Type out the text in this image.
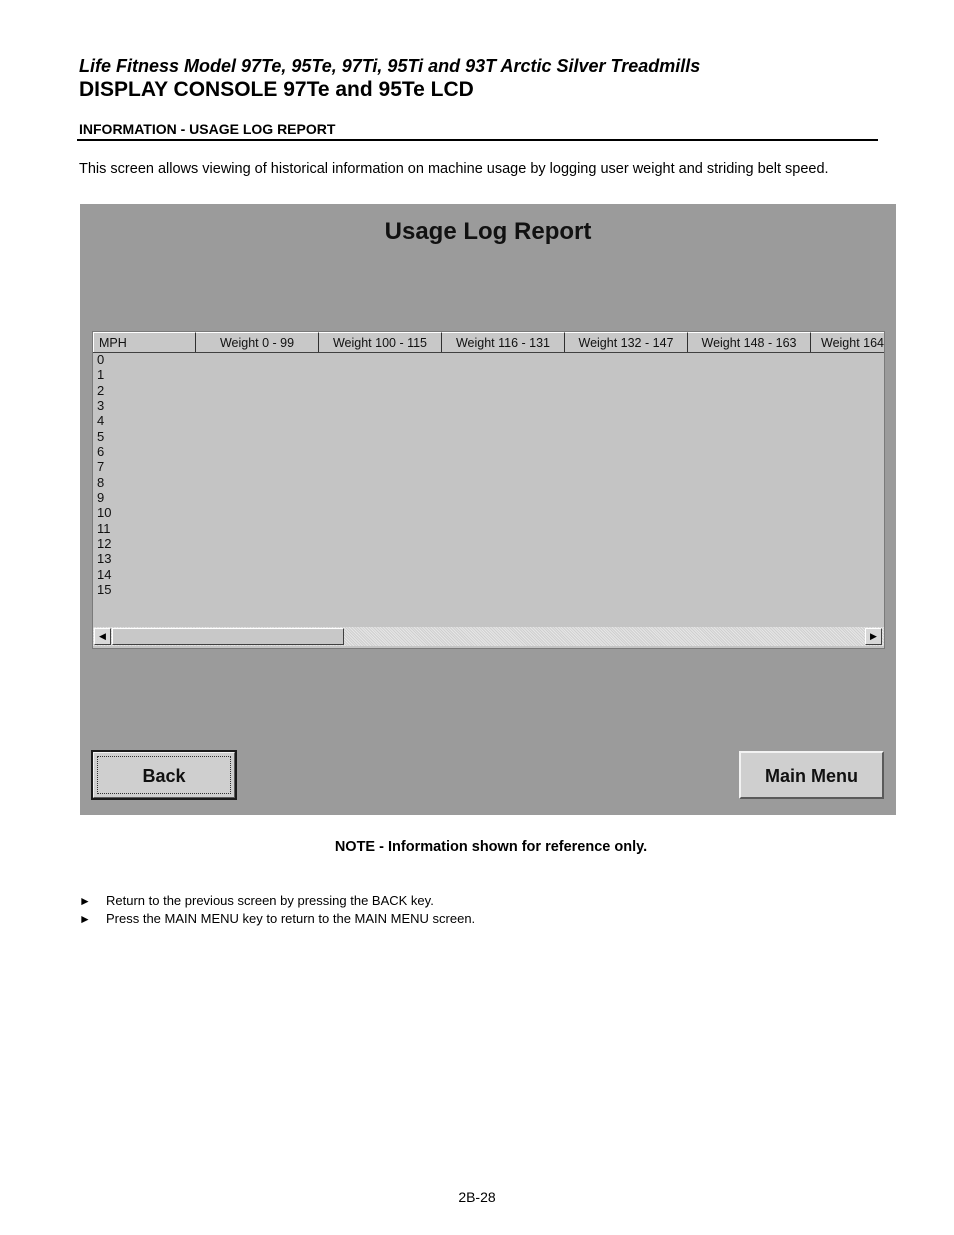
Life Fitness Model 97Te, 95Te, 97Ti, 95Ti and 93T Arctic Silver Treadmills
DISPLAY CONSOLE 97Te and 95Te LCD
INFORMATION - USAGE LOG REPORT
This screen allows viewing of historical information on machine usage by logging user weight and striding belt speed.
Usage Log Report
MPH	Weight 0 - 99	Weight 100 - 115	Weight 116 - 131	Weight 132 - 147	Weight 148 - 163	Weight 164
0
1
2
3
4
5
6
7
8
9
10
11
12
13
14
15
◀	▶
Back	Main Menu
NOTE - Information shown for reference only.
► Return to the previous screen by pressing the BACK key.
► Press the MAIN MENU key to return to the MAIN MENU screen.
2B-28
